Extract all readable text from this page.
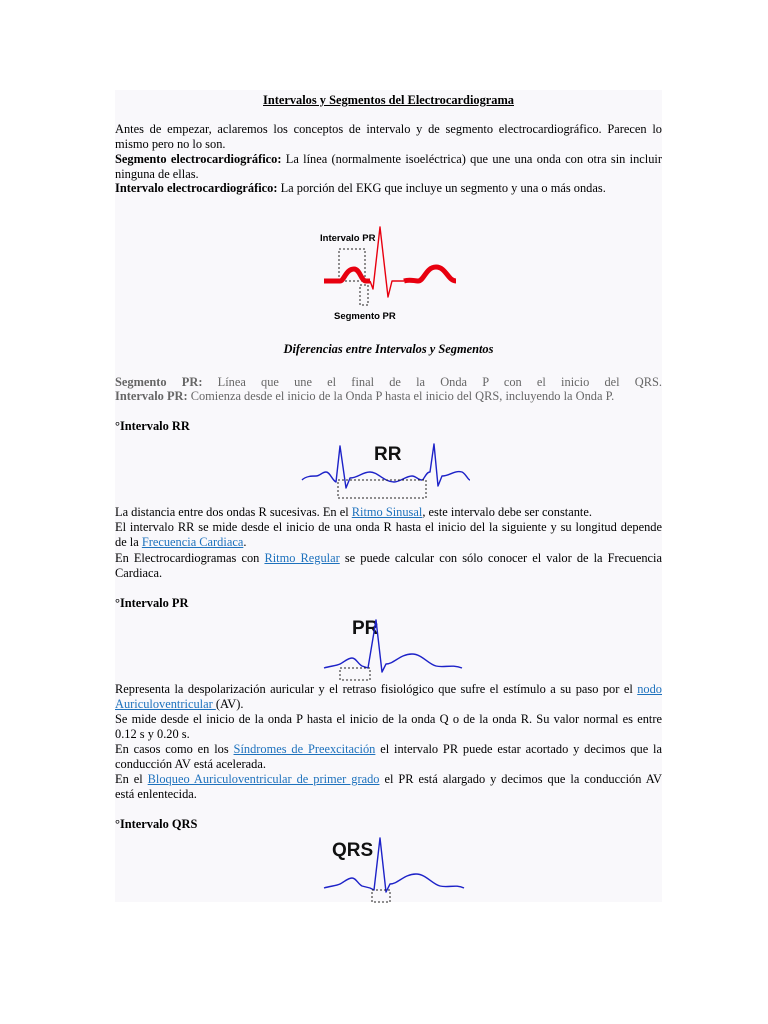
Intervalos y Segmentos del Electrocardiograma

Antes de empezar, aclaremos los conceptos de intervalo y de segmento electrocardiográfico. Parecen lo

mismo pero no lo son.

Segmento electrocardiográfico: La línea (normalmente isoeléctrica) que une una onda con otra sin incluir

ninguna de ellas.

Intervalo electrocardiográfico: La porción del EKG que incluye un segmento y una o más ondas.

Intervalo PR
Segmento PR

Diferencias entre Intervalos y Segmentos

Segmento PR: Línea que une el final de la Onda P con el inicio del QRS.

Intervalo PR: Comienza desde el inicio de la Onda P hasta el inicio del QRS, incluyendo la Onda P.

°Intervalo RR

RR

La distancia entre dos ondas R sucesivas. En el Ritmo Sinusal, este intervalo debe ser constante.

El intervalo RR se mide desde el inicio de una onda R hasta el inicio del la siguiente y su longitud depende

de la Frecuencia Cardiaca.

En Electrocardiogramas con Ritmo Regular se puede calcular con sólo conocer el valor de la Frecuencia

Cardiaca.

°Intervalo PR

PR

Representa la despolarización auricular y el retraso fisiológico que sufre el estímulo a su paso por el nodo

Auriculoventricular (AV).

Se mide desde el inicio de la onda P hasta el inicio de la onda Q o de la onda R. Su valor normal es entre

0.12 s y 0.20 s.

En casos como en los Síndromes de Preexcitación el intervalo PR puede estar acortado y decimos que la

conducción AV está acelerada.

En el Bloqueo Auriculoventricular de primer grado el PR está alargado y decimos que la conducción AV

está enlentecida.

°Intervalo QRS

QRS
